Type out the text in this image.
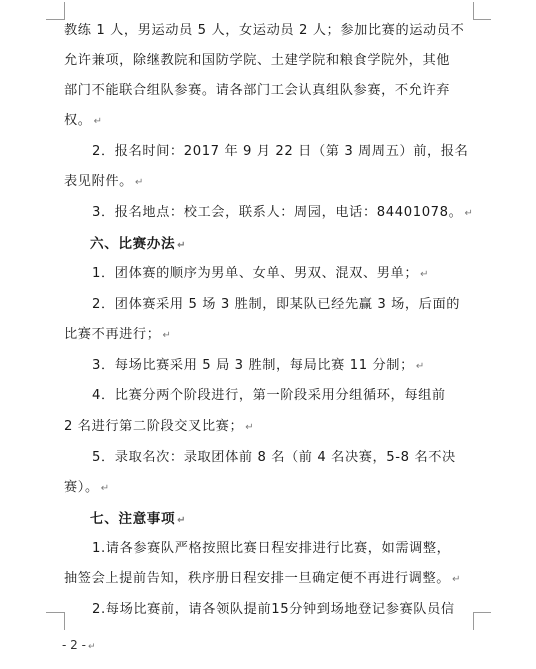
教练 1 人，男运动员 5 人，女运动员 2 人；参加比赛的运动员不
允许兼项，除继教院和国防学院、土建学院和粮食学院外，其他
部门不能联合组队参赛。请各部门工会认真组队参赛，不允许弃
权。 ↵
2．报名时间：2017 年 9 月 22 日（第 3 周周五）前，报名
表见附件。 ↵
3．报名地点：校工会，联系人：周园，电话：84401078。 ↵
六、比赛办法 ↵
1．团体赛的顺序为男单、女单、男双、混双、男单； ↵
2．团体赛采用 5 场 3 胜制，即某队已经先赢 3 场，后面的
比赛不再进行； ↵
3．每场比赛采用 5 局 3 胜制，每局比赛 11 分制； ↵
4．比赛分两个阶段进行，第一阶段采用分组循环，每组前
2 名进行第二阶段交叉比赛； ↵
5．录取名次：录取团体前 8 名（前 4 名决赛，5-8 名不决
赛）。 ↵
七、注意事项 ↵
1.请各参赛队严格按照比赛日程安排进行比赛，如需调整，
抽签会上提前告知，秩序册日程安排一旦确定便不再进行调整。 ↵
2.每场比赛前，请各领队提前15分钟到场地登记参赛队员信
- 2 - ↵
